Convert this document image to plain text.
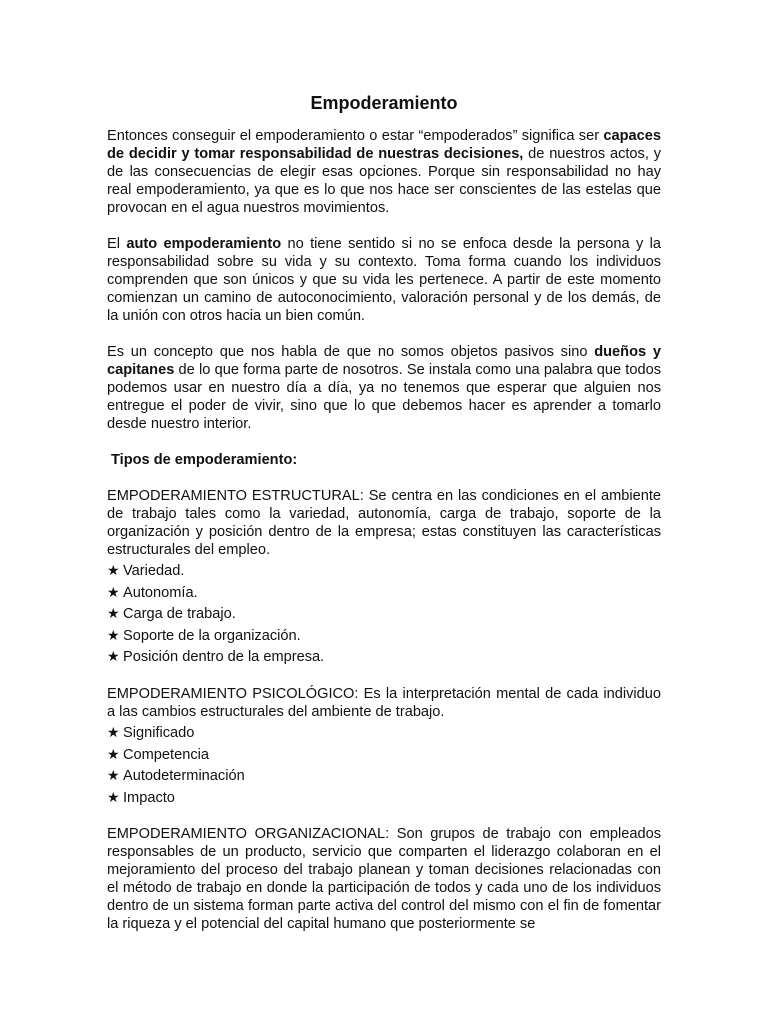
Empoderamiento

Entonces conseguir el empoderamiento o estar “empoderados” significa ser capaces de decidir y tomar responsabilidad de nuestras decisiones, de nuestros actos, y de las consecuencias de elegir esas opciones. Porque sin responsabilidad no hay real empoderamiento, ya que es lo que nos hace ser conscientes de las estelas que provocan en el agua nuestros movimientos.

El auto empoderamiento no tiene sentido si no se enfoca desde la persona y la responsabilidad sobre su vida y su contexto. Toma forma cuando los individuos comprenden que son únicos y que su vida les pertenece. A partir de este momento comienzan un camino de autoconocimiento, valoración personal y de los demás, de la unión con otros hacia un bien común.

Es un concepto que nos habla de que no somos objetos pasivos sino dueños y capitanes de lo que forma parte de nosotros. Se instala como una palabra que todos podemos usar en nuestro día a día, ya no tenemos que esperar que alguien nos entregue el poder de vivir, sino que lo que debemos hacer es aprender a tomarlo desde nuestro interior.

Tipos de empoderamiento:

EMPODERAMIENTO ESTRUCTURAL: Se centra en las condiciones en el ambiente de trabajo tales como la variedad, autonomía, carga de trabajo, soporte de la organización y posición dentro de la empresa; estas constituyen las características estructurales del empleo.

★ Variedad.
★ Autonomía.
★ Carga de trabajo.
★ Soporte de la organización.
★ Posición dentro de la empresa.

EMPODERAMIENTO PSICOLÓGICO: Es la interpretación mental de cada individuo a las cambios estructurales del ambiente de trabajo.

★ Significado
★ Competencia
★ Autodeterminación
★ Impacto

EMPODERAMIENTO ORGANIZACIONAL: Son grupos de trabajo con empleados responsables de un producto, servicio que comparten el liderazgo colaboran en el mejoramiento del proceso del trabajo planean y toman decisiones relacionadas con el método de trabajo en donde la participación de todos y cada uno de los individuos dentro de un sistema forman parte activa del control del mismo con el fin de fomentar la riqueza y el potencial del capital humano que posteriormente se
